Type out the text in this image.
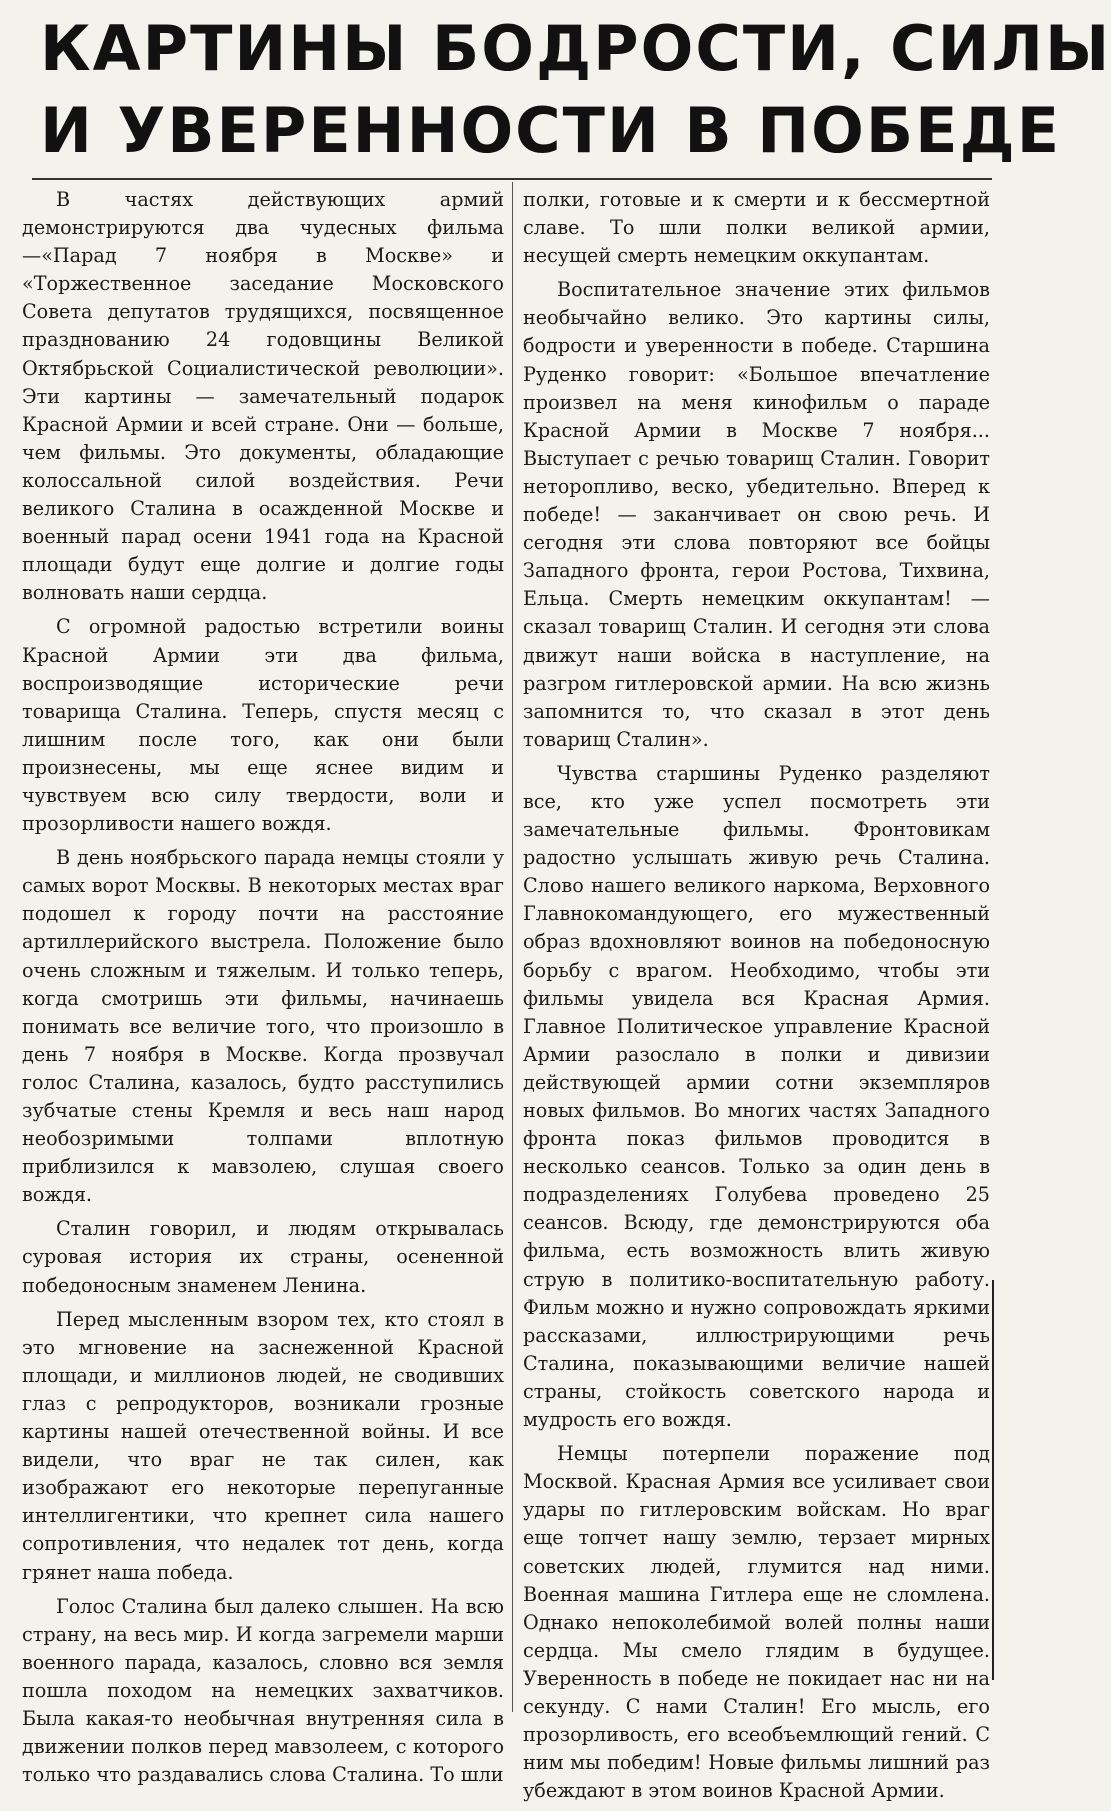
КАРТИНЫ БОДРОСТИ, СИЛЫ
И УВЕРЕННОСТИ В ПОБЕДЕ

В частях действующих армий демонстрируются два чудесных фильма—«Парад 7 ноября в Москве» и «Торжественное заседание Московского Совета депутатов трудящихся, посвященное празднованию 24 годовщины Великой Октябрьской Социалистической революции». Эти картины — замечательный подарок Красной Армии и всей стране. Они — больше, чем фильмы. Это документы, обладающие колоссальной силой воздействия. Речи великого Сталина в осажденной Москве и военный парад осени 1941 года на Красной площади будут еще долгие и долгие годы волновать наши сердца.

С огромной радостью встретили воины Красной Армии эти два фильма, воспроизводящие исторические речи товарища Сталина. Теперь, спустя месяц с лишним после того, как они были произнесены, мы еще яснее видим и чувствуем всю силу твердости, воли и прозорливости нашего вождя.

В день ноябрьского парада немцы стояли у самых ворот Москвы. В некоторых местах враг подошел к городу почти на расстояние артиллерийского выстрела. Положение было очень сложным и тяжелым. И только теперь, когда смотришь эти фильмы, начинаешь понимать все величие того, что произошло в день 7 ноября в Москве. Когда прозвучал голос Сталина, казалось, будто расступились зубчатые стены Кремля и весь наш народ необозримыми толпами вплотную приблизился к мавзолею, слушая своего вождя.

Сталин говорил, и людям открывалась суровая история их страны, осененной победоносным знаменем Ленина.

Перед мысленным взором тех, кто стоял в это мгновение на заснеженной Красной площади, и миллионов людей, не сводивших глаз с репродукторов, возникали грозные картины нашей отечественной войны. И все видели, что враг не так силен, как изображают его некоторые перепуганные интеллигентики, что крепнет сила нашего сопротивления, что недалек тот день, когда грянет наша победа.

Голос Сталина был далеко слышен. На всю страну, на весь мир. И когда загремели марши военного парада, казалось, словно вся земля пошла походом на немецких захватчиков. Была какая-то необычная внутренняя сила в движении полков перед мавзолеем, с которого только что раздавались слова Сталина. То шли

полки, готовые и к смерти и к бессмертной славе. То шли полки великой армии, несущей смерть немецким оккупантам.

Воспитательное значение этих фильмов необычайно велико. Это картины силы, бодрости и уверенности в победе. Старшина Руденко говорит: «Большое впечатление произвел на меня кинофильм о параде Красной Армии в Москве 7 ноября... Выступает с речью товарищ Сталин. Говорит неторопливо, веско, убедительно. Вперед к победе! — заканчивает он свою речь. И сегодня эти слова повторяют все бойцы Западного фронта, герои Ростова, Тихвина, Ельца. Смерть немецким оккупантам! — сказал товарищ Сталин. И сегодня эти слова движут наши войска в наступление, на разгром гитлеровской армии. На всю жизнь запомнится то, что сказал в этот день товарищ Сталин».

Чувства старшины Руденко разделяют все, кто уже успел посмотреть эти замечательные фильмы. Фронтовикам радостно услышать живую речь Сталина. Слово нашего великого наркома, Верховного Главнокомандующего, его мужественный образ вдохновляют воинов на победоносную борьбу с врагом. Необходимо, чтобы эти фильмы увидела вся Красная Армия. Главное Политическое управление Красной Армии разослало в полки и дивизии действующей армии сотни экземпляров новых фильмов. Во многих частях Западного фронта показ фильмов проводится в несколько сеансов. Только за один день в подразделениях Голубева проведено 25 сеансов. Всюду, где демонстрируются оба фильма, есть возможность влить живую струю в политико-воспитательную работу. Фильм можно и нужно сопровождать яркими рассказами, иллюстрирующими речь Сталина, показывающими величие нашей страны, стойкость советского народа и мудрость его вождя.

Немцы потерпели поражение под Москвой. Красная Армия все усиливает свои удары по гитлеровским войскам. Но враг еще топчет нашу землю, терзает мирных советских людей, глумится над ними. Военная машина Гитлера еще не сломлена. Однако непоколебимой волей полны наши сердца. Мы смело глядим в будущее. Уверенность в победе не покидает нас ни на секунду. С нами Сталин! Его мысль, его прозорливость, его всеобъемлющий гений. С ним мы победим! Новые фильмы лишний раз убеждают в этом воинов Красной Армии.
